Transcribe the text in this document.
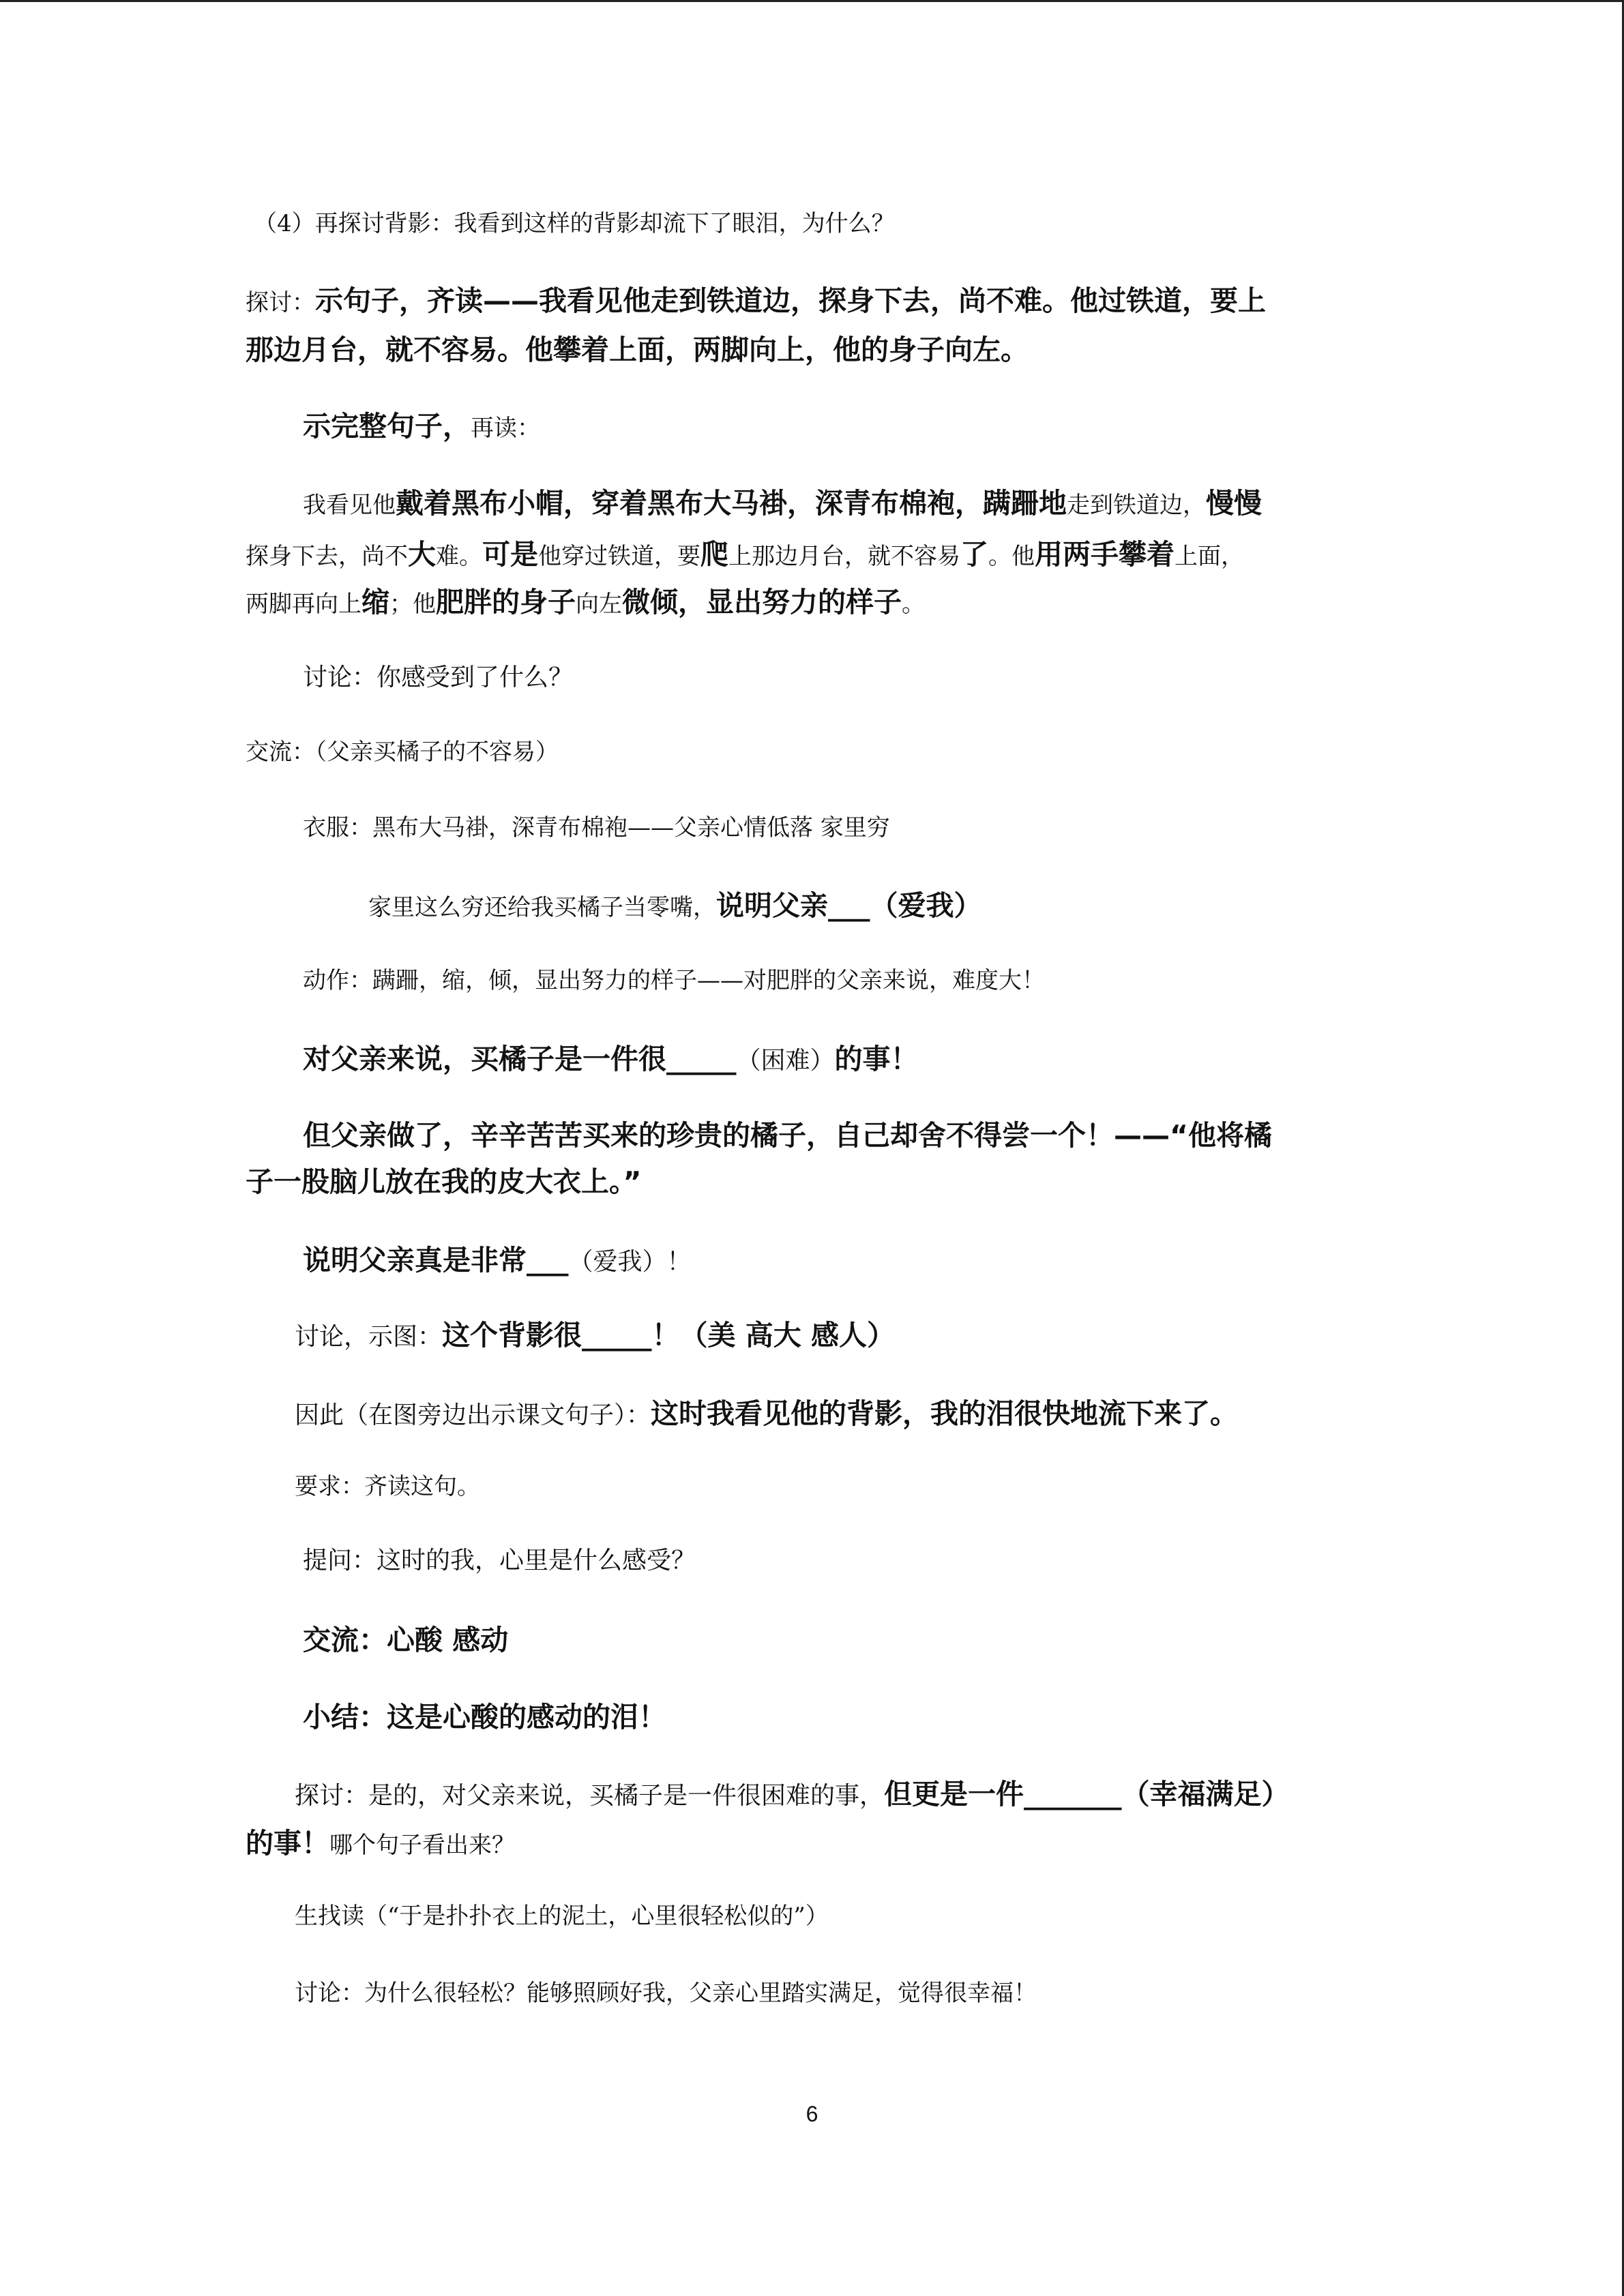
（4）再探讨背影：我看到这样的背影却流下了眼泪，为什么？
探讨：示句子，齐读——我看见他走到铁道边，探身下去，尚不难。他过铁道，要上
那边月台，就不容易。他攀着上面，两脚向上，他的身子向左。
示完整句子，再读：
我看见他戴着黑布小帽，穿着黑布大马褂，深青布棉袍，蹒跚地走到铁道边，慢慢
探身下去，尚不大难。可是他穿过铁道，要爬上那边月台，就不容易了。他用两手攀着上面，
两脚再向上缩；他肥胖的身子向左微倾，显出努力的样子。
讨论：你感受到了什么？
交流：（父亲买橘子的不容易）
衣服：黑布大马褂，深青布棉袍——父亲心情低落 家里穷
家里这么穷还给我买橘子当零嘴，说明父亲___（爱我）
动作：蹒跚，缩，倾，显出努力的样子——对肥胖的父亲来说，难度大！
对父亲来说，买橘子是一件很_____（困难）的事！
但父亲做了，辛辛苦苦买来的珍贵的橘子，自己却舍不得尝一个！——“他将橘
子一股脑儿放在我的皮大衣上。”
说明父亲真是非常___（爱我）！
讨论，示图：这个背影很_____！（美 高大 感人）
因此（在图旁边出示课文句子）：这时我看见他的背影，我的泪很快地流下来了。
要求：齐读这句。
提问：这时的我，心里是什么感受？
交流：心酸 感动
小结：这是心酸的感动的泪！
探讨：是的，对父亲来说，买橘子是一件很困难的事，但更是一件_______（幸福满足）
的事！哪个句子看出来？
生找读（“于是扑扑衣上的泥土，心里很轻松似的”）
讨论：为什么很轻松？能够照顾好我，父亲心里踏实满足，觉得很幸福！
6
